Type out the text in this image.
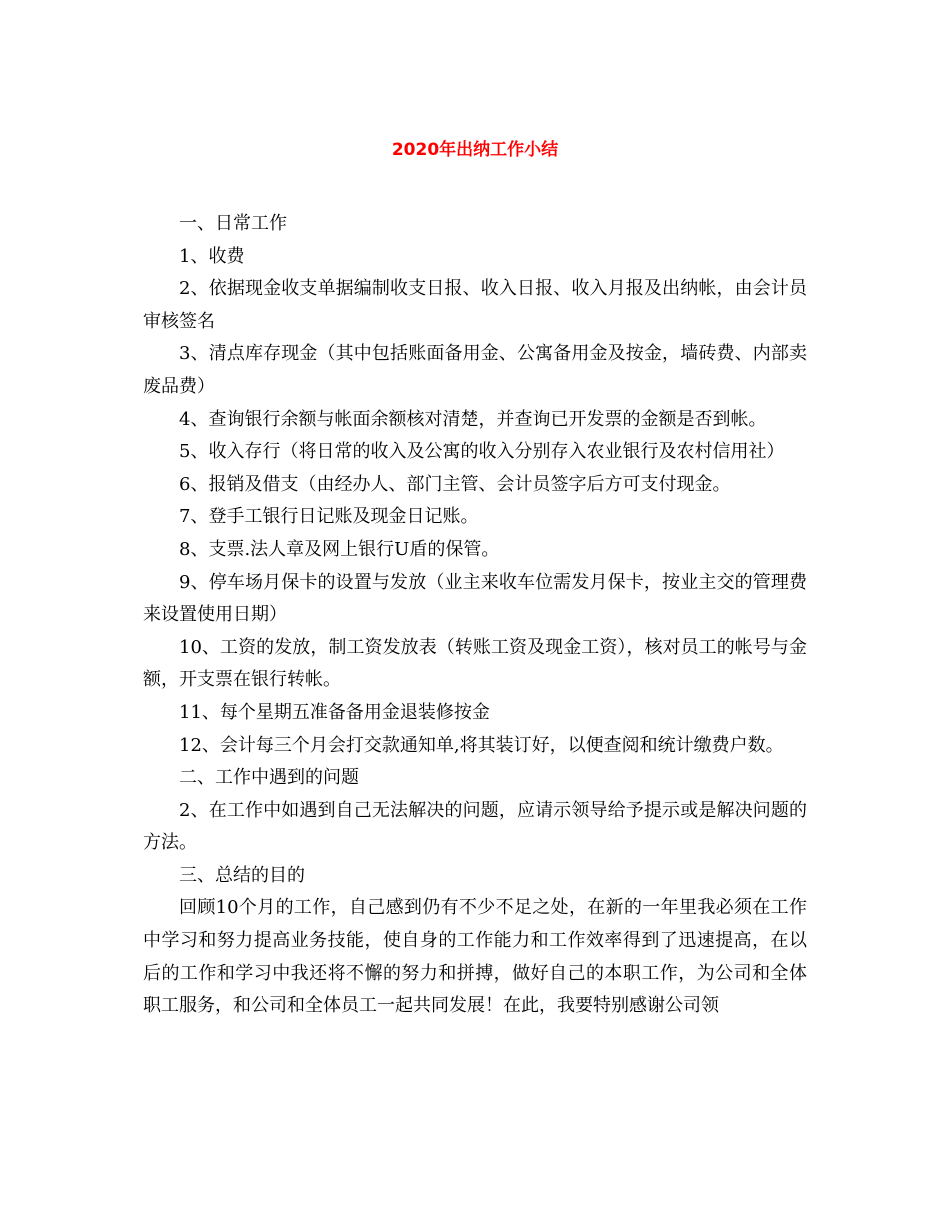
2020年出纳工作小结

一、日常工作

1、收费

2、依据现金收支单据编制收支日报、收入日报、收入月报及出纳帐，由会计员审核签名

3、清点库存现金（其中包括账面备用金、公寓备用金及按金，墙砖费、内部卖废品费）

4、查询银行余额与帐面余额核对清楚，并查询已开发票的金额是否到帐。

5、收入存行（将日常的收入及公寓的收入分别存入农业银行及农村信用社）

6、报销及借支（由经办人、部门主管、会计员签字后方可支付现金。

7、登手工银行日记账及现金日记账。

8、支票.法人章及网上银行U盾的保管。

9、停车场月保卡的设置与发放（业主来收车位需发月保卡，按业主交的管理费来设置使用日期）

10、工资的发放，制工资发放表（转账工资及现金工资），核对员工的帐号与金额，开支票在银行转帐。

11、每个星期五准备备用金退装修按金

12、会计每三个月会打交款通知单,将其装订好，以便查阅和统计缴费户数。

二、工作中遇到的问题

2、在工作中如遇到自己无法解决的问题，应请示领导给予提示或是解决问题的方法。

三、总结的目的

回顾10个月的工作，自己感到仍有不少不足之处，在新的一年里我必须在工作中学习和努力提高业务技能，使自身的工作能力和工作效率得到了迅速提高，在以后的工作和学习中我还将不懈的努力和拼搏，做好自己的本职工作，为公司和全体职工服务，和公司和全体员工一起共同发展！在此，我要特别感谢公司领
